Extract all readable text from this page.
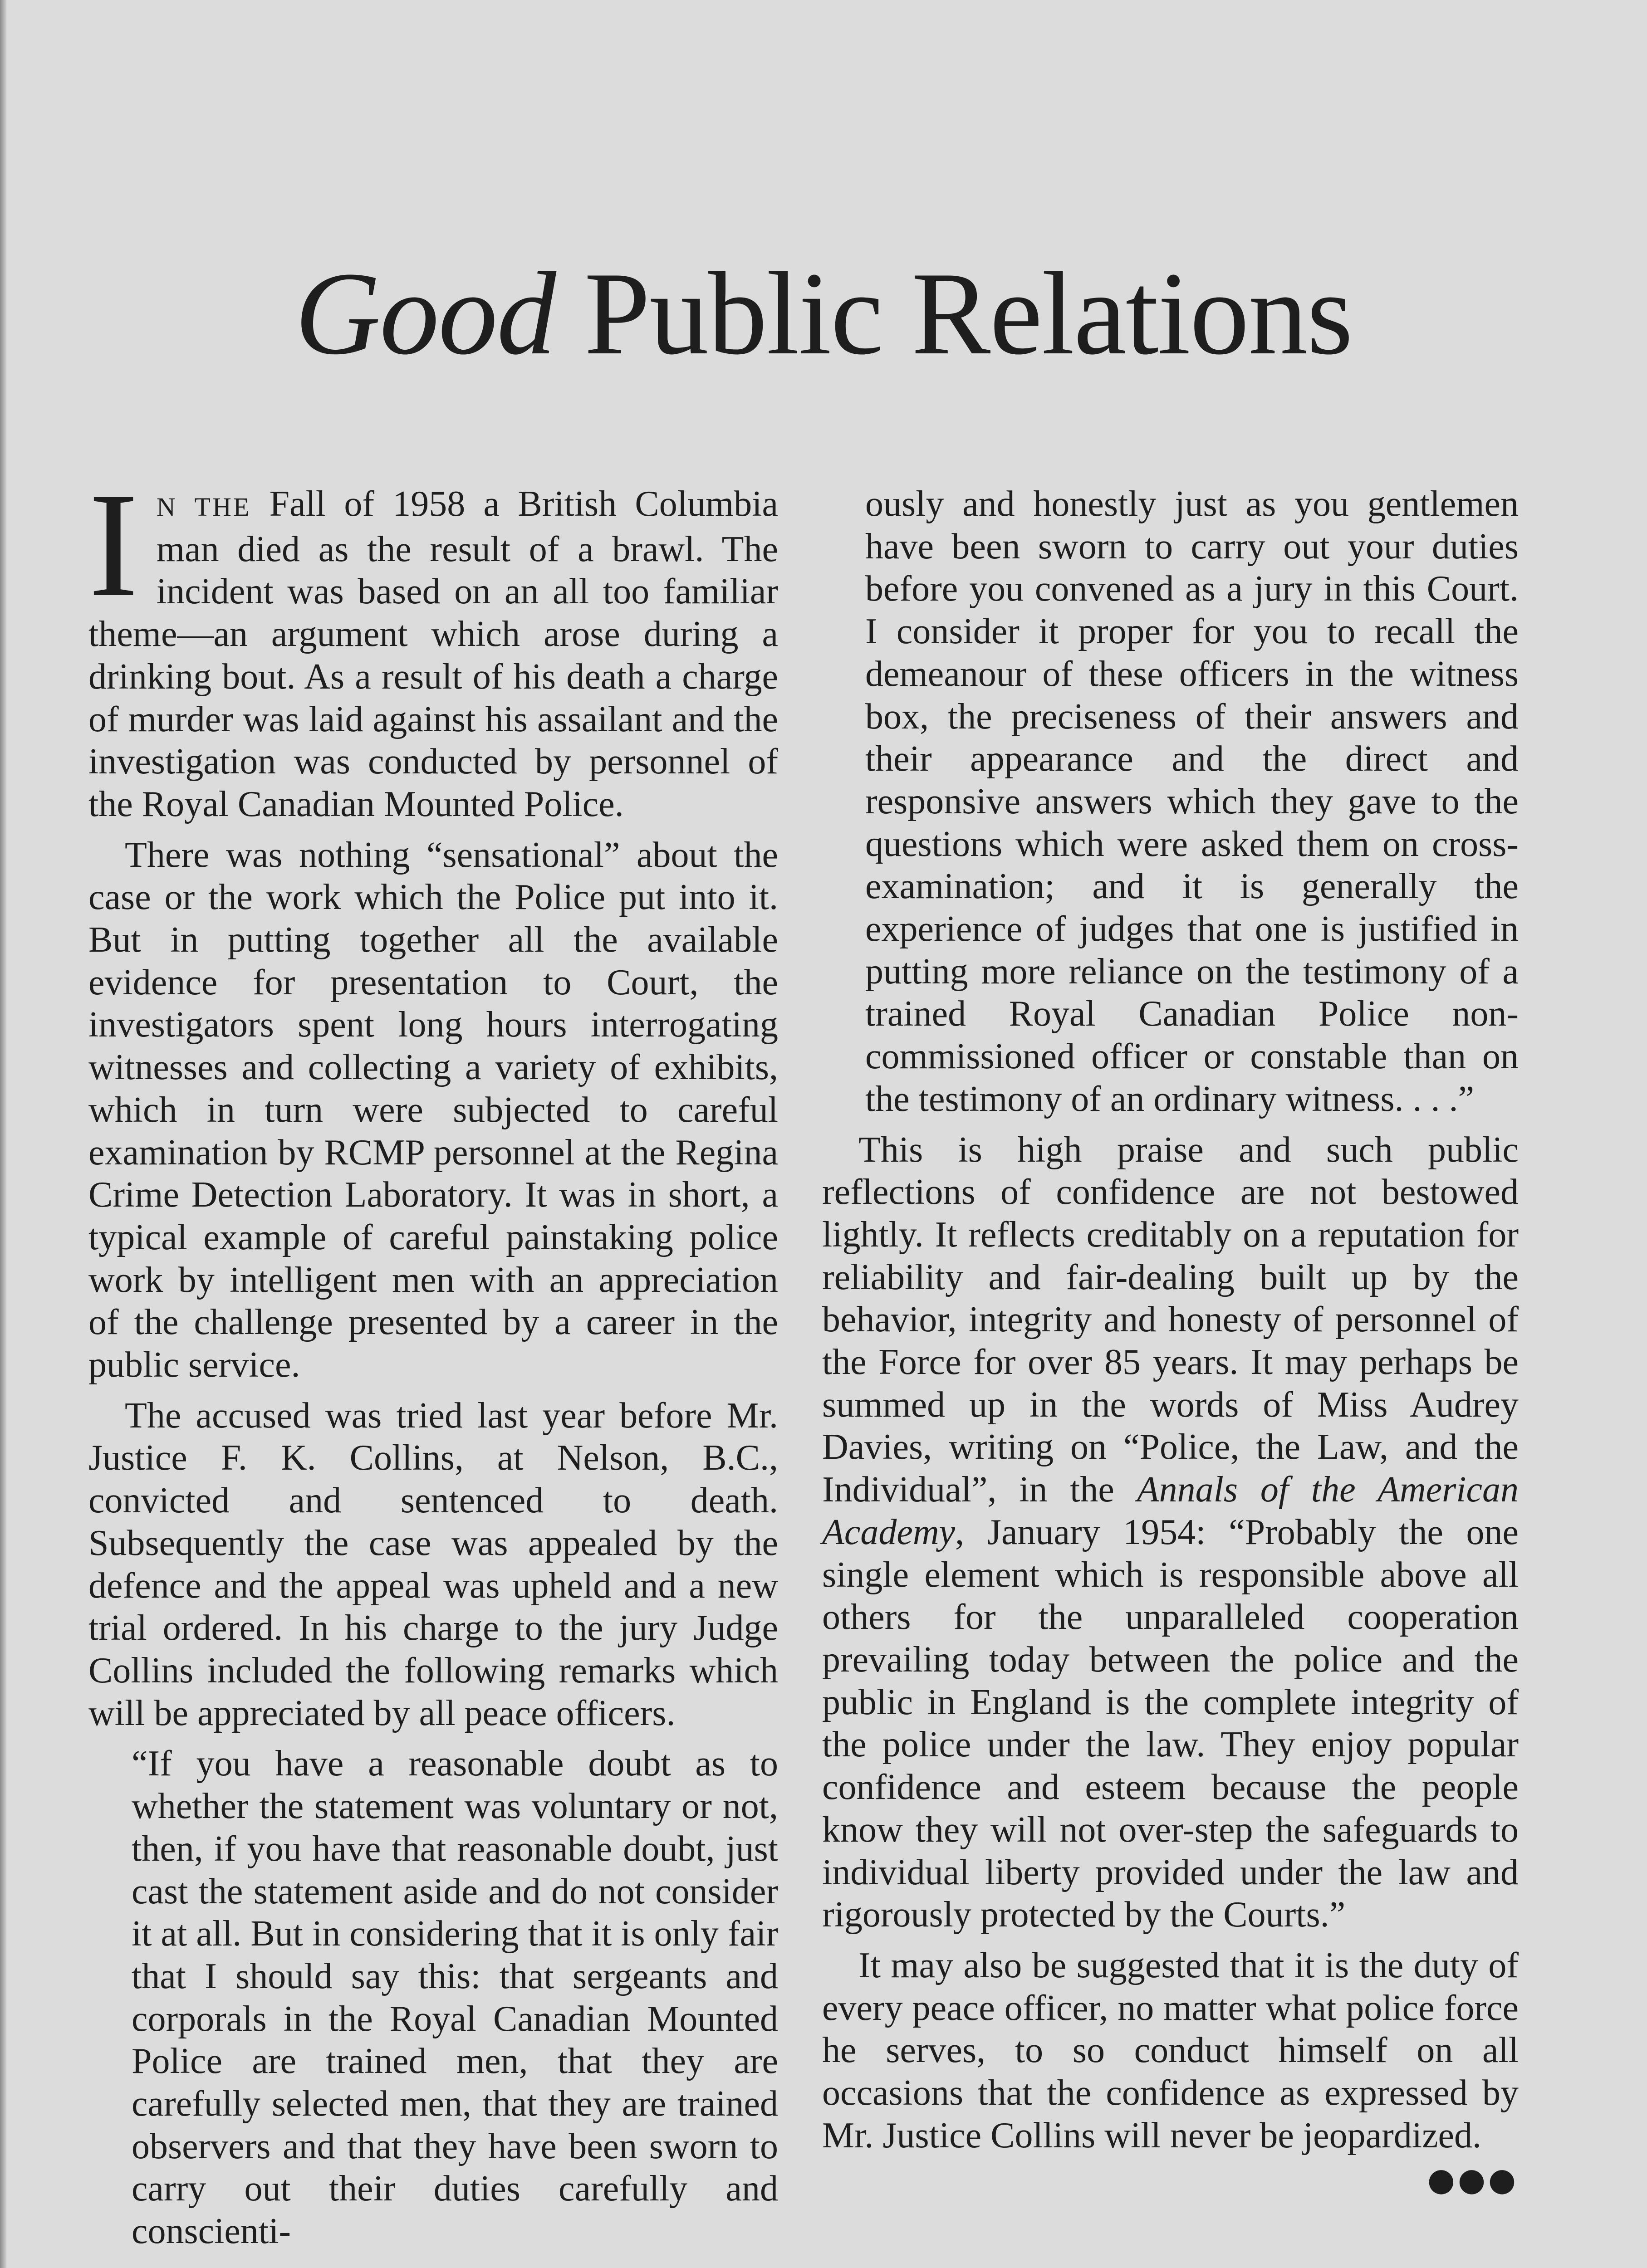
Good Public Relations

I N THE Fall of 1958 a British Columbia man died as the result of a brawl. The incident was based on an all too familiar theme—an argument which arose during a drinking bout. As a result of his death a charge of murder was laid against his assailant and the investigation was conducted by personnel of the Royal Canadian Mounted Police.

There was nothing “sensational” about the case or the work which the Police put into it. But in putting together all the available evidence for presentation to Court, the investigators spent long hours interrogating witnesses and collecting a variety of exhibits, which in turn were subjected to careful examination by RCMP personnel at the Regina Crime Detection Laboratory. It was in short, a typical example of careful painstaking police work by intelligent men with an appreciation of the challenge presented by a career in the public service.

The accused was tried last year before Mr. Justice F. K. Collins, at Nelson, B.C., convicted and sentenced to death. Subsequently the case was appealed by the defence and the appeal was upheld and a new trial ordered. In his charge to the jury Judge Collins included the following remarks which will be appreciated by all peace officers.

“If you have a reasonable doubt as to whether the statement was voluntary or not, then, if you have that reasonable doubt, just cast the statement aside and do not consider it at all. But in considering that it is only fair that I should say this: that sergeants and corporals in the Royal Canadian Mounted Police are trained men, that they are carefully selected men, that they are trained observers and that they have been sworn to carry out their duties carefully and conscienti-

ously and honestly just as you gentlemen have been sworn to carry out your duties before you convened as a jury in this Court. I consider it proper for you to recall the demeanour of these officers in the witness box, the preciseness of their answers and their appearance and the direct and responsive answers which they gave to the questions which were asked them on cross-examination; and it is generally the experience of judges that one is justified in putting more reliance on the testimony of a trained Royal Canadian Police non-commissioned officer or constable than on the testimony of an ordinary witness. . . .”

This is high praise and such public reflections of confidence are not bestowed lightly. It reflects creditably on a reputation for reliability and fair-dealing built up by the behavior, integrity and honesty of personnel of the Force for over 85 years. It may perhaps be summed up in the words of Miss Audrey Davies, writing on “Police, the Law, and the Individual”, in the Annals of the American Academy, January 1954: “Probably the one single element which is responsible above all others for the unparalleled cooperation prevailing today between the police and the public in England is the complete integrity of the police under the law. They enjoy popular confidence and esteem because the people know they will not over-step the safeguards to individual liberty provided under the law and rigorously protected by the Courts.”

It may also be suggested that it is the duty of every peace officer, no matter what police force he serves, to so conduct himself on all occasions that the confidence as expressed by Mr. Justice Collins will never be jeopardized.
●●●
